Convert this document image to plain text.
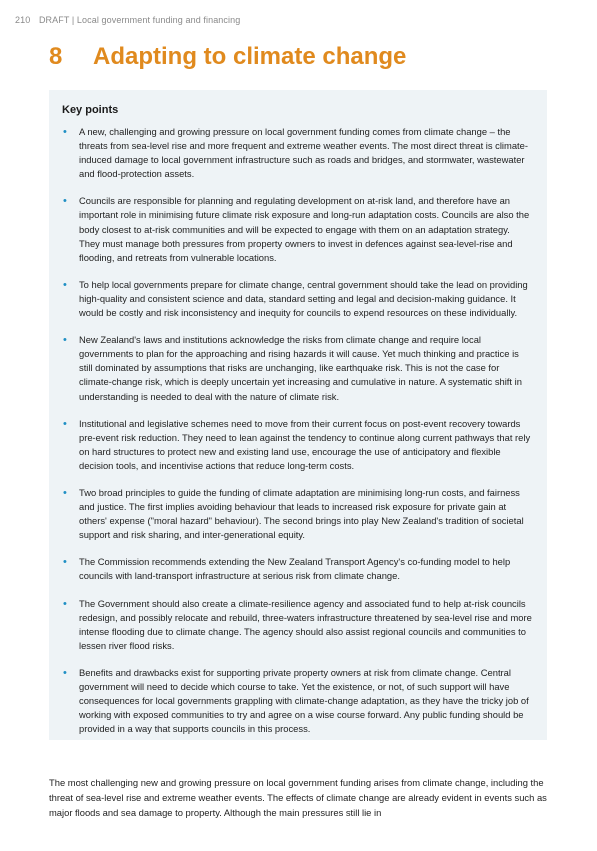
210 DRAFT | Local government funding and financing
8 Adapting to climate change
Key points
• A new, challenging and growing pressure on local government funding comes from climate change – the threats from sea-level rise and more frequent and extreme weather events. The most direct threat is climate-induced damage to local government infrastructure such as roads and bridges, and stormwater, wastewater and flood-protection assets.
• Councils are responsible for planning and regulating development on at-risk land, and therefore have an important role in minimising future climate risk exposure and long-run adaptation costs. Councils are also the body closest to at-risk communities and will be expected to engage with them on an adaptation strategy. They must manage both pressures from property owners to invest in defences against sea-level-rise and flooding, and retreats from vulnerable locations.
• To help local governments prepare for climate change, central government should take the lead on providing high-quality and consistent science and data, standard setting and legal and decision-making guidance. It would be costly and risk inconsistency and inequity for councils to expend resources on these individually.
• New Zealand's laws and institutions acknowledge the risks from climate change and require local governments to plan for the approaching and rising hazards it will cause. Yet much thinking and practice is still dominated by assumptions that risks are unchanging, like earthquake risk. This is not the case for climate-change risk, which is deeply uncertain yet increasing and cumulative in nature. A systematic shift in understanding is needed to deal with the nature of climate risk.
• Institutional and legislative schemes need to move from their current focus on post-event recovery towards pre-event risk reduction. They need to lean against the tendency to continue along current pathways that rely on hard structures to protect new and existing land use, encourage the use of anticipatory and flexible decision tools, and incentivise actions that reduce long-term costs.
• Two broad principles to guide the funding of climate adaptation are minimising long-run costs, and fairness and justice. The first implies avoiding behaviour that leads to increased risk exposure for private gain at others' expense ("moral hazard" behaviour). The second brings into play New Zealand's tradition of societal support and risk sharing, and inter-generational equity.
• The Commission recommends extending the New Zealand Transport Agency's co-funding model to help councils with land-transport infrastructure at serious risk from climate change.
• The Government should also create a climate-resilience agency and associated fund to help at-risk councils redesign, and possibly relocate and rebuild, three-waters infrastructure threatened by sea-level rise and more intense flooding due to climate change. The agency should also assist regional councils and communities to lessen river flood risks.
• Benefits and drawbacks exist for supporting private property owners at risk from climate change. Central government will need to decide which course to take. Yet the existence, or not, of such support will have consequences for local governments grappling with climate-change adaptation, as they have the tricky job of working with exposed communities to try and agree on a wise course forward. Any public funding should be provided in a way that supports councils in this process.

The most challenging new and growing pressure on local government funding arises from climate change, including the threat of sea-level rise and extreme weather events. The effects of climate change are already evident in events such as major floods and sea damage to property. Although the main pressures still lie in
